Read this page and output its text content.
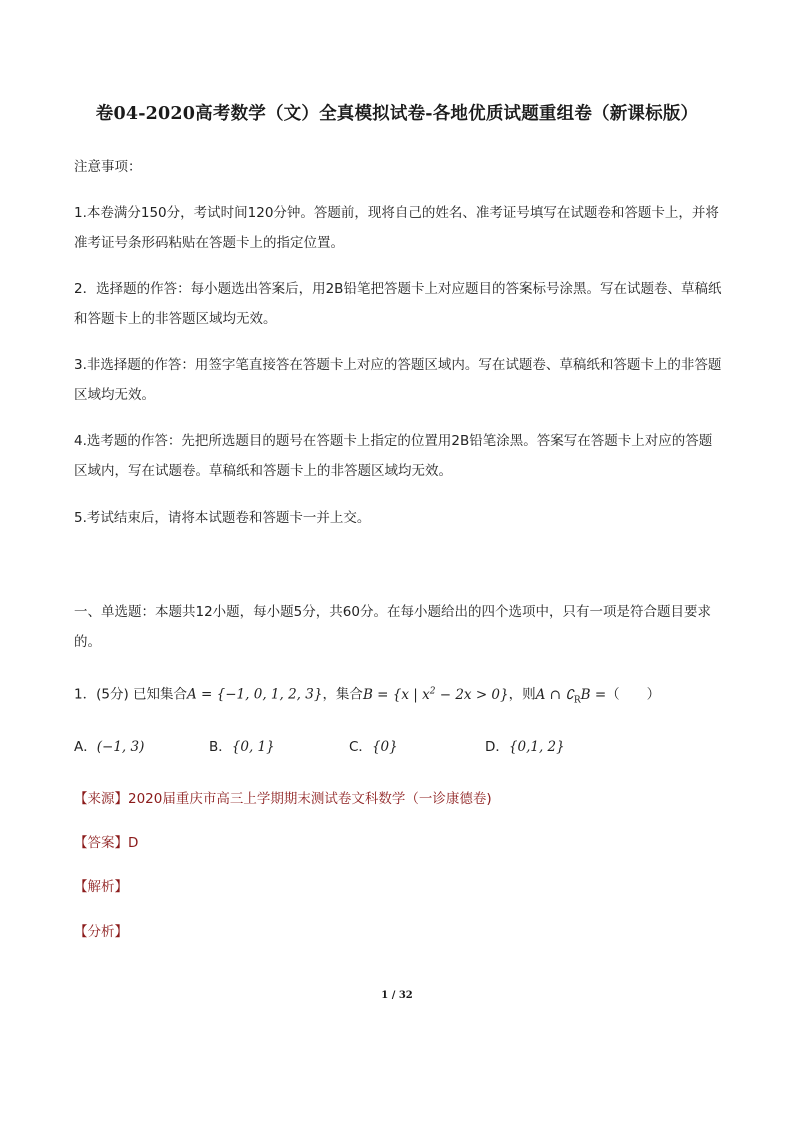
卷04-2020高考数学（文）全真模拟试卷-各地优质试题重组卷（新课标版）
注意事项：
1.本卷满分150分，考试时间120分钟。答题前，现将自己的姓名、准考证号填写在试题卷和答题卡上，并将准考证号条形码粘贴在答题卡上的指定位置。
2．选择题的作答：每小题选出答案后，用2B铅笔把答题卡上对应题目的答案标号涂黑。写在试题卷、草稿纸和答题卡上的非答题区域均无效。
3.非选择题的作答：用签字笔直接答在答题卡上对应的答题区域内。写在试题卷、草稿纸和答题卡上的非答题区域均无效。
4.选考题的作答：先把所选题目的题号在答题卡上指定的位置用2B铅笔涂黑。答案写在答题卡上对应的答题区域内，写在试题卷。草稿纸和答题卡上的非答题区域均无效。
5.考试结束后，请将本试题卷和答题卡一并上交。
一、单选题：本题共12小题，每小题5分，共60分。在每小题给出的四个选项中，只有一项是符合题目要求的。
1．(5分) 已知集合A = {−1, 0, 1, 2, 3}，集合B = {x | $x^2 - 2x > 0$}，则A ∩ $∁_RB$ =（　　）
A．(−1, 3)	B．{0, 1}	C．{0}	D．{0,1, 2}
【来源】2020届重庆市高三上学期期末测试卷文科数学（一诊康德卷)
【答案】D
【解析】
【分析】
1 / 32
